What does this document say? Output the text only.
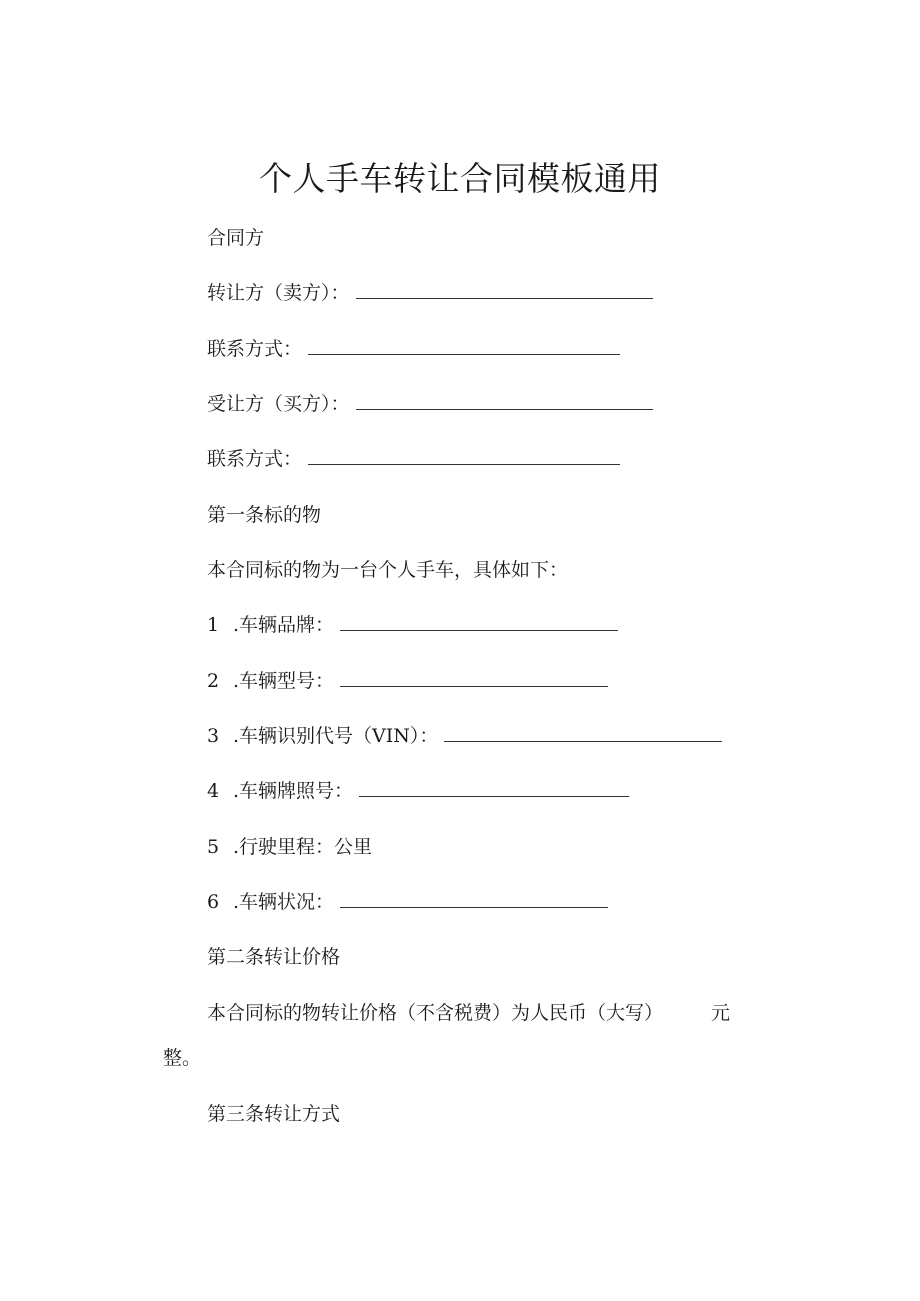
个人手车转让合同模板通用
合同方
转让方（卖方）：
联系方式：
受让方（买方）：
联系方式：
第一条标的物
本合同标的物为一台个人手车，具体如下：
1 .车辆品牌：
2 .车辆型号：
3 .车辆识别代号（VIN）：
4 .车辆牌照号：
5 .行驶里程：公里
6 .车辆状况：
第二条转让价格
本合同标的物转让价格（不含税费）为人民币（大写）	元
整。
第三条转让方式
